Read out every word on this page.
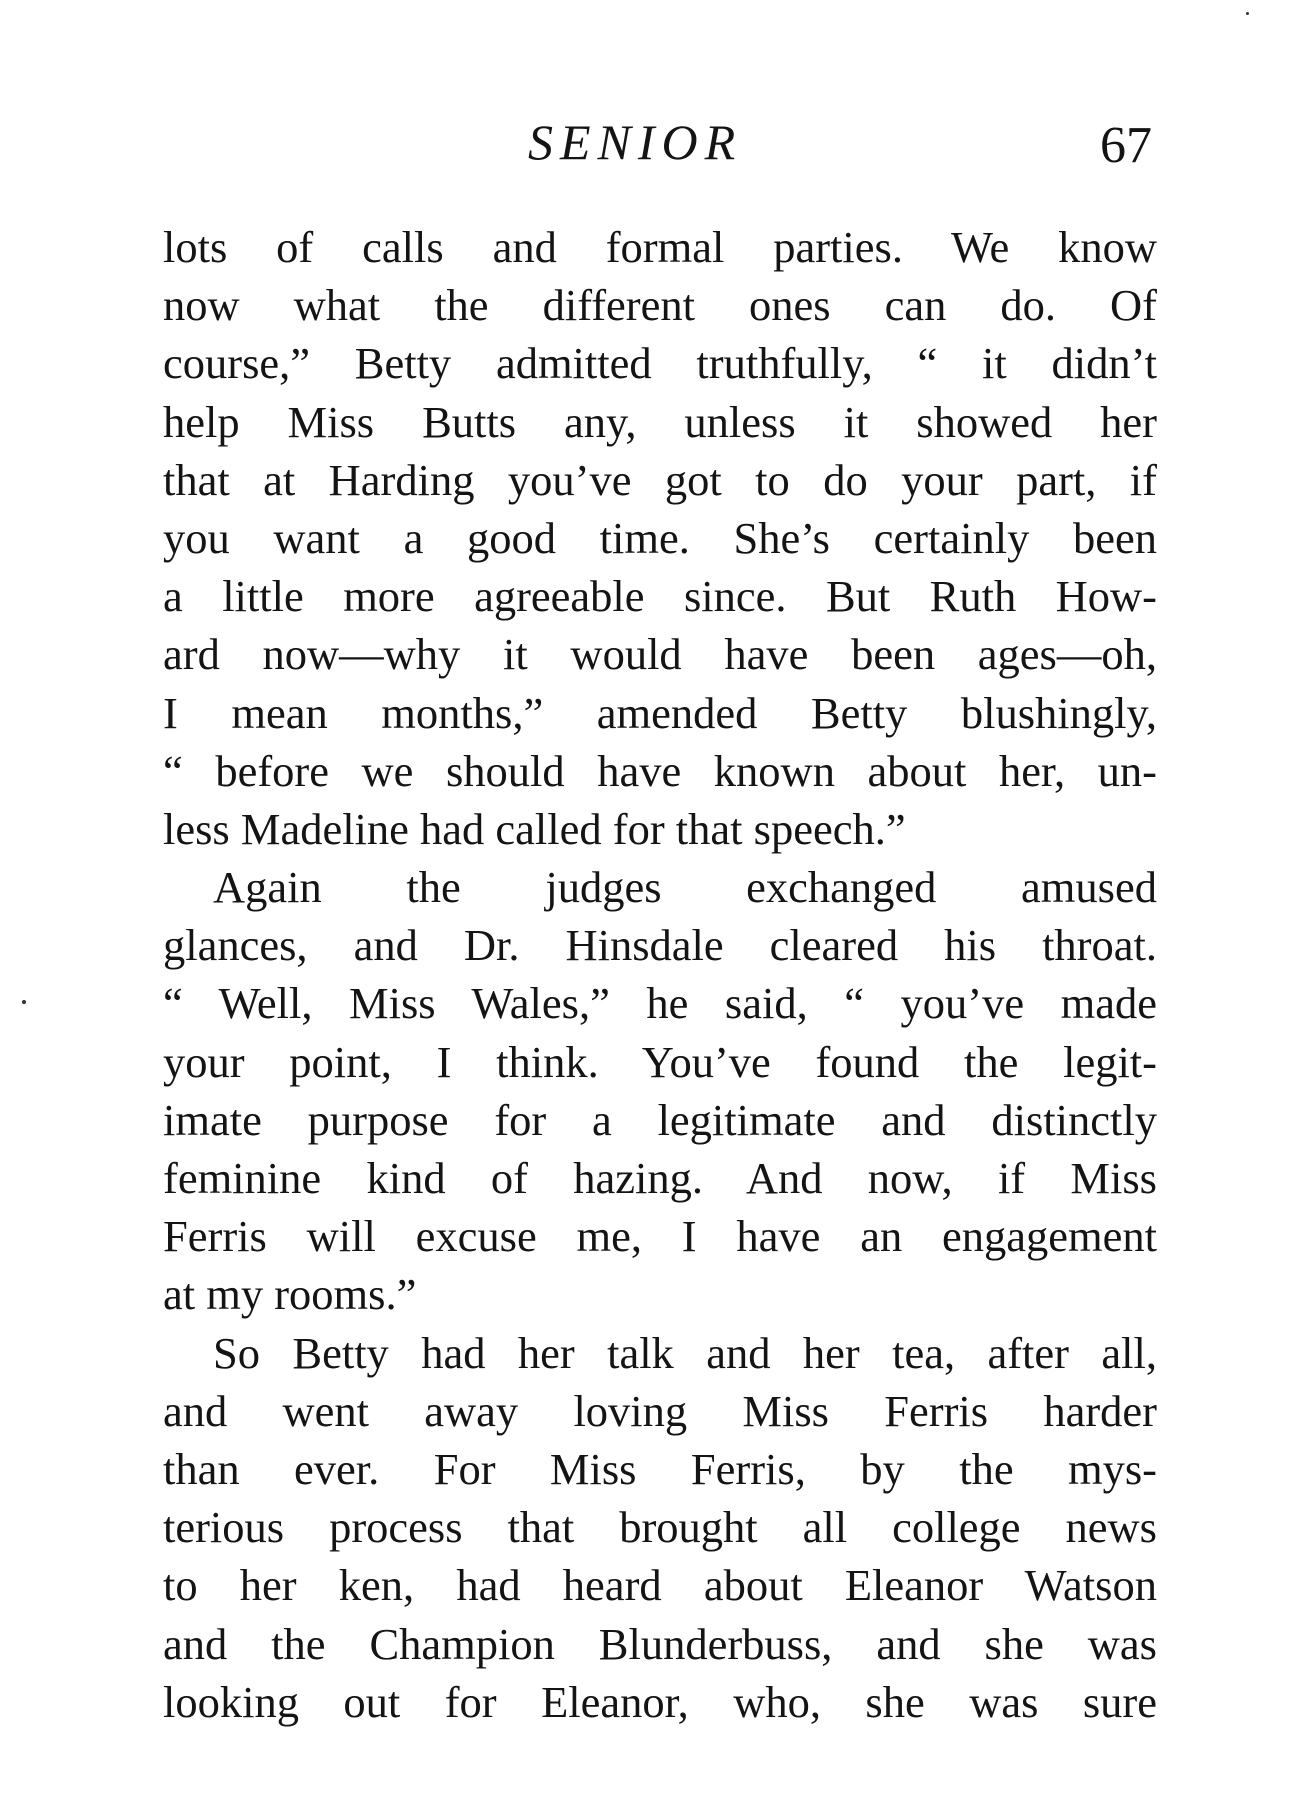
SENIOR	67
lots of calls and formal parties. We know
now what the different ones can do. Of
course,” Betty admitted truthfully, “ it didn’t
help Miss Butts any, unless it showed her
that at Harding you’ve got to do your part, if
you want a good time. She’s certainly been
a little more agreeable since. But Ruth How-
ard now—why it would have been ages—oh,
I mean months,” amended Betty blushingly,
“ before we should have known about her, un-
less Madeline had called for that speech.”
Again the judges exchanged amused
glances, and Dr. Hinsdale cleared his throat.
“ Well, Miss Wales,” he said, “ you’ve made
your point, I think. You’ve found the legit-
imate purpose for a legitimate and distinctly
feminine kind of hazing. And now, if Miss
Ferris will excuse me, I have an engagement
at my rooms.”
So Betty had her talk and her tea, after all,
and went away loving Miss Ferris harder
than ever. For Miss Ferris, by the mys-
terious process that brought all college news
to her ken, had heard about Eleanor Watson
and the Champion Blunderbuss, and she was
looking out for Eleanor, who, she was sure
